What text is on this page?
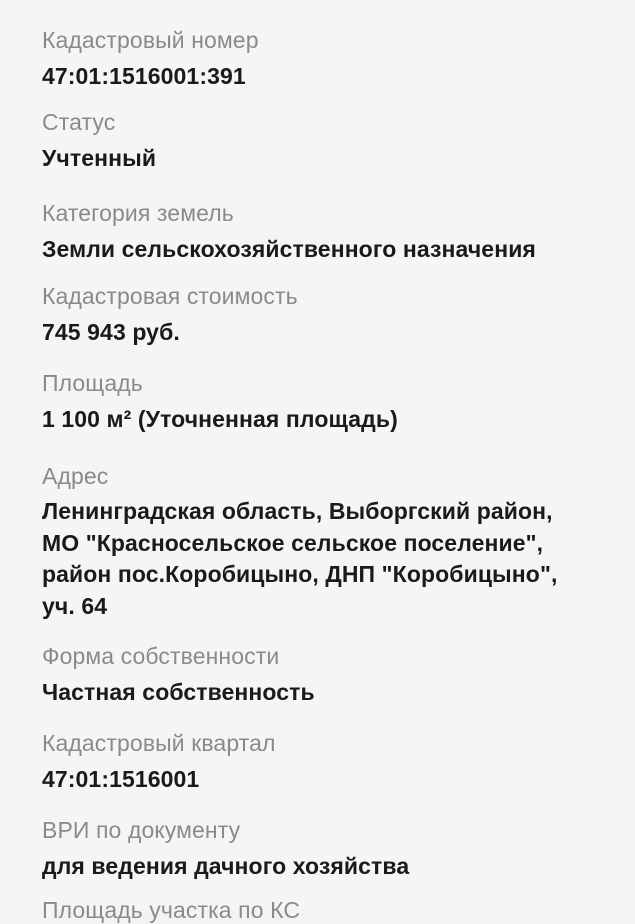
Кадастровый номер
47:01:1516001:391
Статус
Учтенный
Категория земель
Земли сельскохозяйственного назначения
Кадастровая стоимость
745 943 руб.
Площадь
1 100 м² (Уточненная площадь)
Адрес
Ленинградская область, Выборгский район, МО "Красносельское сельское поселение", район пос.Коробицыно, ДНП "Коробицыно", уч. 64
Форма собственности
Частная собственность
Кадастровый квартал
47:01:1516001
ВРИ по документу
для ведения дачного хозяйства
Площадь участка по КС
